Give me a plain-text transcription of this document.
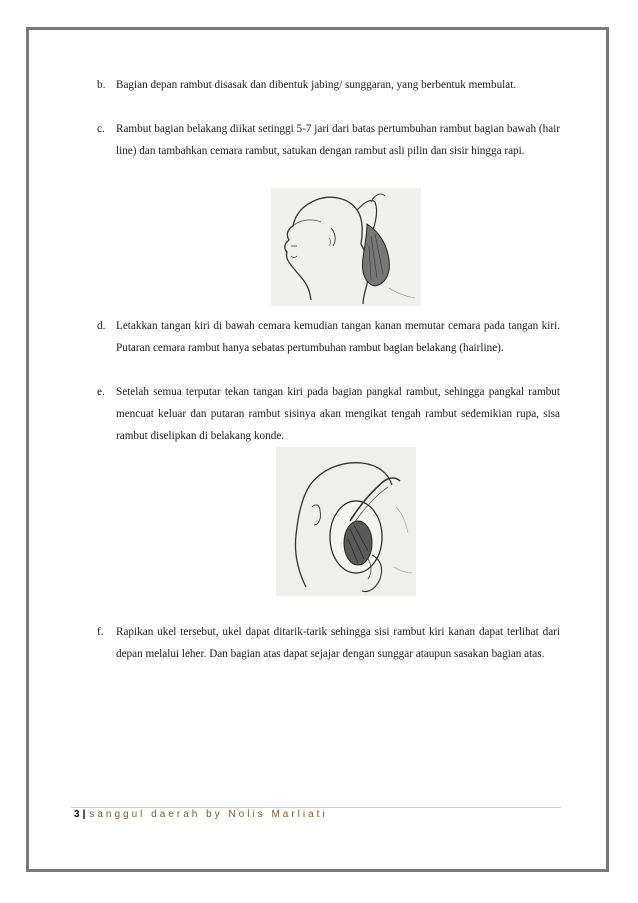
b. Bagian depan rambut disasak dan dibentuk jabing/ sunggaran, yang berbentuk membulat.
c. Rambut bagian belakang diikat setinggi 5-7 jari dari batas pertumbuhan rambut bagian bawah (hair line) dan tambahkan cemara rambut, satukan dengan rambut asli pilin dan sisir hingga rapi.
d. Letakkan tangan kiri di bawah cemara kemudian tangan kanan memutar cemara pada tangan kiri. Putaran cemara rambut hanya sebatas pertumbuhan rambut bagian belakang (hairline).
e. Setelah semua terputar tekan tangan kiri pada bagian pangkal rambut, sehingga pangkal rambut mencuat keluar dan putaran rambut sisinya akan mengikat tengah rambut sedemikian rupa, sisa rambut diselipkan di belakang konde.
f. Rapikan ukel tersebut, ukel dapat ditarik-tarik sehingga sisi rambut kiri kanan dapat terlihat dari depan melalui leher. Dan bagian atas dapat sejajar dengan sunggar ataupun sasakan bagian atas.
3 | sanggul daerah by Nolis Marliati
